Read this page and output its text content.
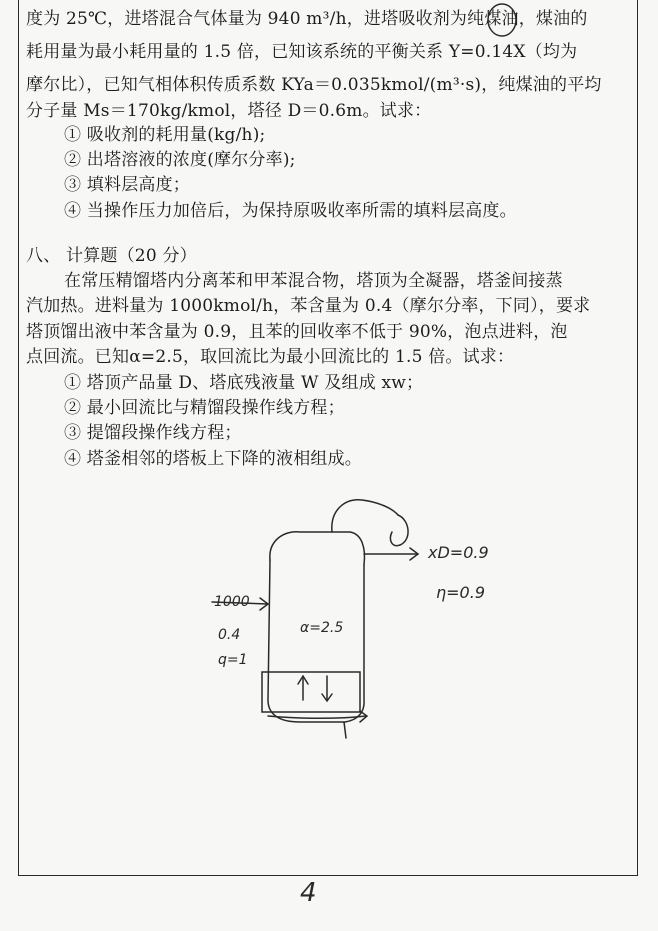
度为 25℃，进塔混合气体量为 940 m³/h，进塔吸收剂为纯煤油，煤油的
耗用量为最小耗用量的 1.5 倍，已知该系统的平衡关系 Y=0.14X（均为
摩尔比），已知气相体积传质系数 KYa＝0.035kmol/(m³·s)，纯煤油的平均
分子量 Ms＝170kg/kmol，塔径 D＝0.6m。试求：
① 吸收剂的耗用量(kg/h);
② 出塔溶液的浓度(摩尔分率);
③ 填料层高度；
④ 当操作压力加倍后，为保持原吸收率所需的填料层高度。
八、 计算题（20 分）
在常压精馏塔内分离苯和甲苯混合物，塔顶为全凝器，塔釜间接蒸
汽加热。进料量为 1000kmol/h，苯含量为 0.4（摩尔分率，下同），要求
塔顶馏出液中苯含量为 0.9，且苯的回收率不低于 90%，泡点进料，泡
点回流。已知α=2.5，取回流比为最小回流比的 1.5 倍。试求：
① 塔顶产品量 D、塔底残液量 W 及组成 xw；
② 最小回流比与精馏段操作线方程；
③ 提馏段操作线方程；
④ 塔釜相邻的塔板上下降的液相组成。
1000
0.4
q=1
α=2.5
xD=0.9
η=0.9
4
